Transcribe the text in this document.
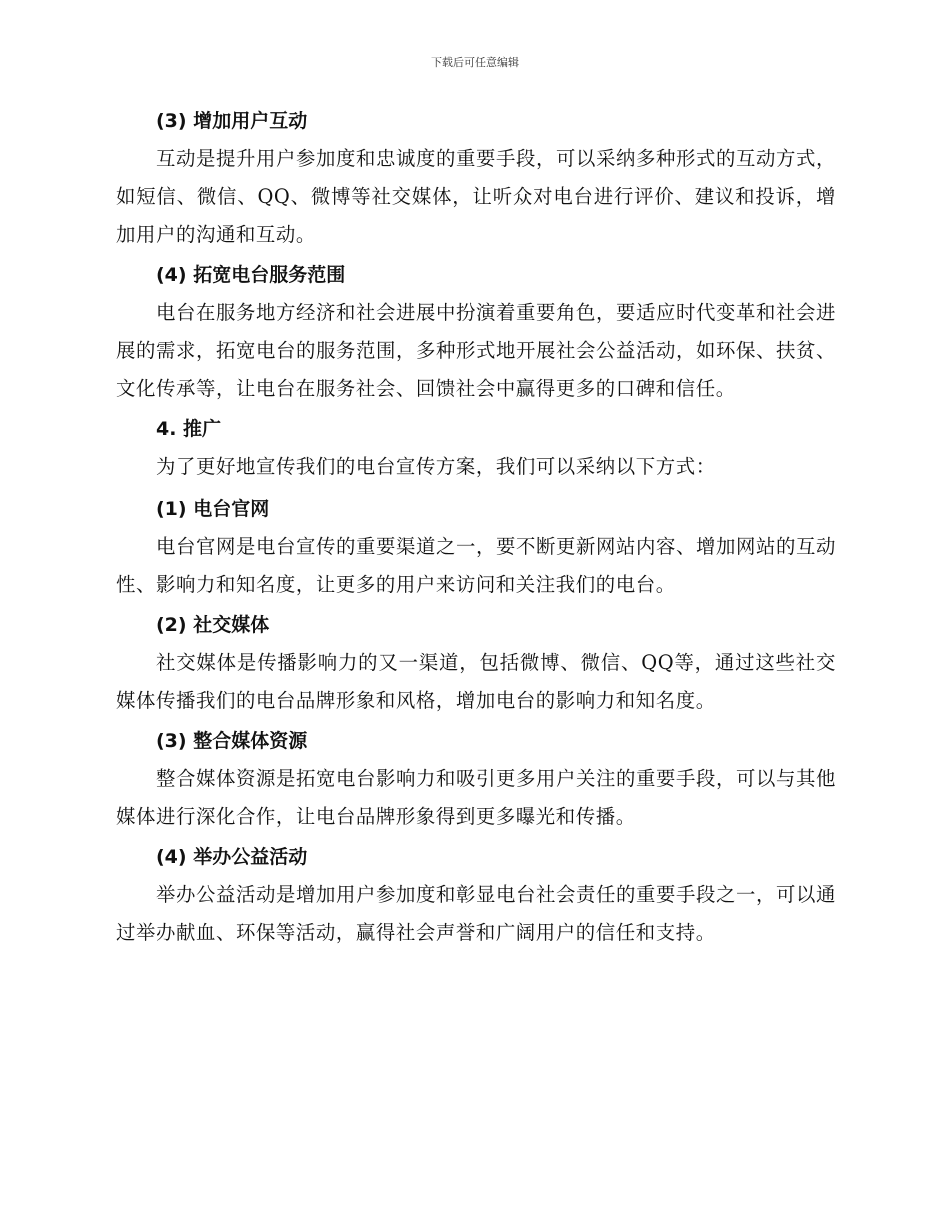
下载后可任意编辑
(3) 增加用户互动
互动是提升用户参加度和忠诚度的重要手段，可以采纳多种形式的互动方式，如短信、微信、QQ、微博等社交媒体，让听众对电台进行评价、建议和投诉，增加用户的沟通和互动。
(4) 拓宽电台服务范围
电台在服务地方经济和社会进展中扮演着重要角色，要适应时代变革和社会进展的需求，拓宽电台的服务范围，多种形式地开展社会公益活动，如环保、扶贫、文化传承等，让电台在服务社会、回馈社会中赢得更多的口碑和信任。
4. 推广
为了更好地宣传我们的电台宣传方案，我们可以采纳以下方式：
(1) 电台官网
电台官网是电台宣传的重要渠道之一，要不断更新网站内容、增加网站的互动性、影响力和知名度，让更多的用户来访问和关注我们的电台。
(2) 社交媒体
社交媒体是传播影响力的又一渠道，包括微博、微信、QQ等，通过这些社交媒体传播我们的电台品牌形象和风格，增加电台的影响力和知名度。
(3) 整合媒体资源
整合媒体资源是拓宽电台影响力和吸引更多用户关注的重要手段，可以与其他媒体进行深化合作，让电台品牌形象得到更多曝光和传播。
(4) 举办公益活动
举办公益活动是增加用户参加度和彰显电台社会责任的重要手段之一，可以通过举办献血、环保等活动，赢得社会声誉和广阔用户的信任和支持。
